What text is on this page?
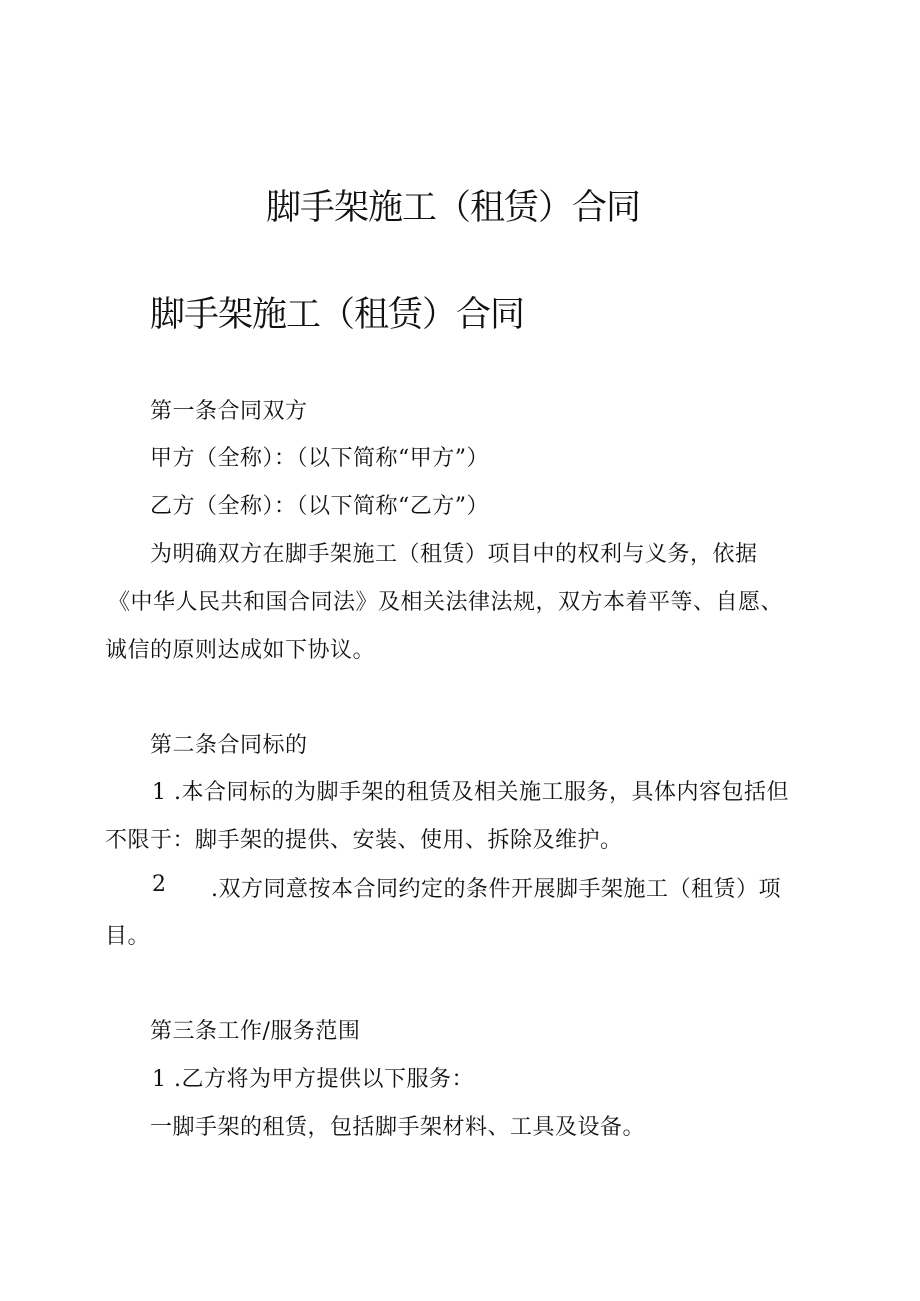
脚手架施工（租赁）合同
脚手架施工（租赁）合同
第一条合同双方
甲方（全称）：（以下简称“甲方”）
乙方（全称）：（以下简称“乙方”）
为明确双方在脚手架施工（租赁）项目中的权利与义务，依据
《中华人民共和国合同法》及相关法律法规，双方本着平等、自愿、
诚信的原则达成如下协议。
第二条合同标的
1 .本合同标的为脚手架的租赁及相关施工服务，具体内容包括但
不限于：脚手架的提供、安装、使用、拆除及维护。
2 .双方同意按本合同约定的条件开展脚手架施工（租赁）项
目。
第三条工作/服务范围
1 .乙方将为甲方提供以下服务：
一脚手架的租赁，包括脚手架材料、工具及设备。
